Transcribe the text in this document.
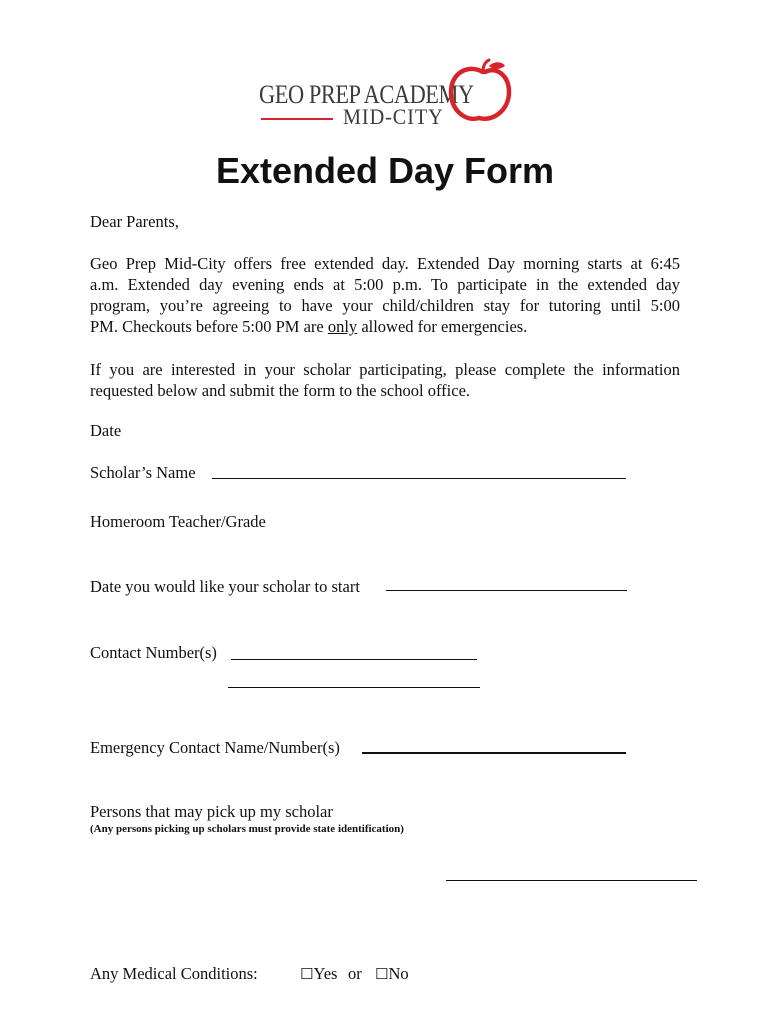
GEO PREP ACADEMY
MID-CITY
Extended Day Form
Dear Parents,
Geo Prep Mid-City offers free extended day. Extended Day morning starts at 6:45
a.m. Extended day evening ends at 5:00 p.m. To participate in the extended day
program, you’re agreeing to have your child/children stay for tutoring until 5:00
PM. Checkouts before 5:00 PM are only allowed for emergencies.
If you are interested in your scholar participating, please complete the information
requested below and submit the form to the school office.
Date
Scholar’s Name
Homeroom Teacher/Grade
Date you would like your scholar to start
Contact Number(s)
Emergency Contact Name/Number(s)
Persons that may pick up my scholar
(Any persons picking up scholars must provide state identification)
Any Medical Conditions:	☐Yes or ☐No
